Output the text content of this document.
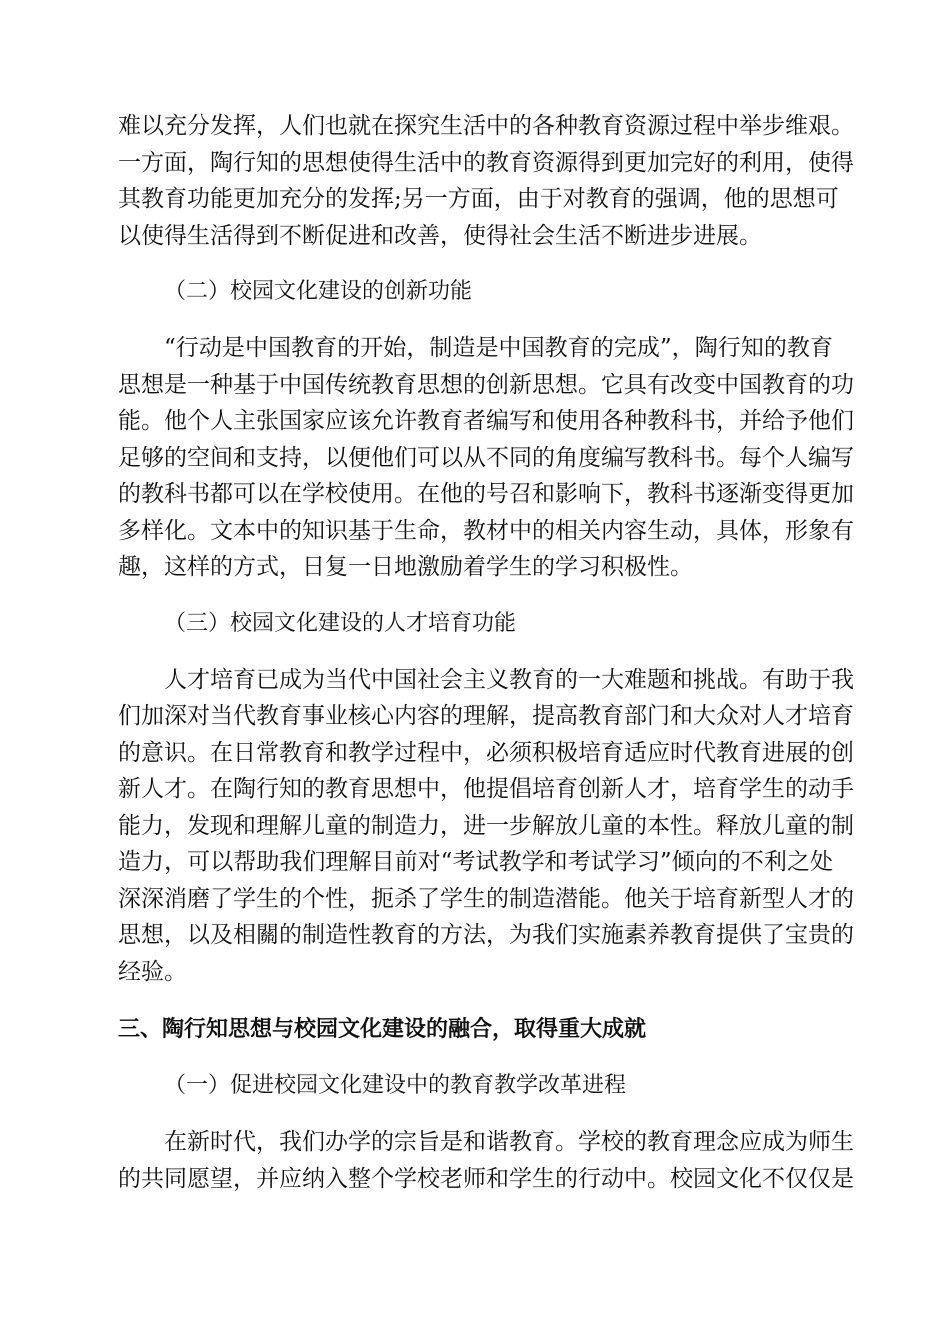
难以充分发挥，人们也就在探究生活中的各种教育资源过程中举步维艰。
一方面，陶行知的思想使得生活中的教育资源得到更加完好的利用，使得
其教育功能更加充分的发挥;另一方面，由于对教育的强调，他的思想可
以使得生活得到不断促进和改善，使得社会生活不断进步进展。
（二）校园文化建设的创新功能
“行动是中国教育的开始，制造是中国教育的完成”，陶行知的教育
思想是一种基于中国传统教育思想的创新思想。它具有改变中国教育的功
能。他个人主张国家应该允许教育者编写和使用各种教科书，并给予他们
足够的空间和支持，以便他们可以从不同的角度编写教科书。每个人编写
的教科书都可以在学校使用。在他的号召和影响下，教科书逐渐变得更加
多样化。文本中的知识基于生命，教材中的相关内容生动，具体，形象有
趣，这样的方式，日复一日地激励着学生的学习积极性。
（三）校园文化建设的人才培育功能
人才培育已成为当代中国社会主义教育的一大难题和挑战。有助于我
们加深对当代教育事业核心内容的理解，提高教育部门和大众对人才培育
的意识。在日常教育和教学过程中，必须积极培育适应时代教育进展的创
新人才。在陶行知的教育思想中，他提倡培育创新人才，培育学生的动手
能力，发现和理解儿童的制造力，进一步解放儿童的本性。释放儿童的制
造力，可以帮助我们理解目前对“考试教学和考试学习”倾向的不利之处
深深消磨了学生的个性，扼杀了学生的制造潜能。他关于培育新型人才的
思想，以及相關的制造性教育的方法，为我们实施素养教育提供了宝贵的
经验。
三、陶行知思想与校园文化建设的融合，取得重大成就
（一）促进校园文化建设中的教育教学改革进程
在新时代，我们办学的宗旨是和谐教育。学校的教育理念应成为师生
的共同愿望，并应纳入整个学校老师和学生的行动中。校园文化不仅仅是
